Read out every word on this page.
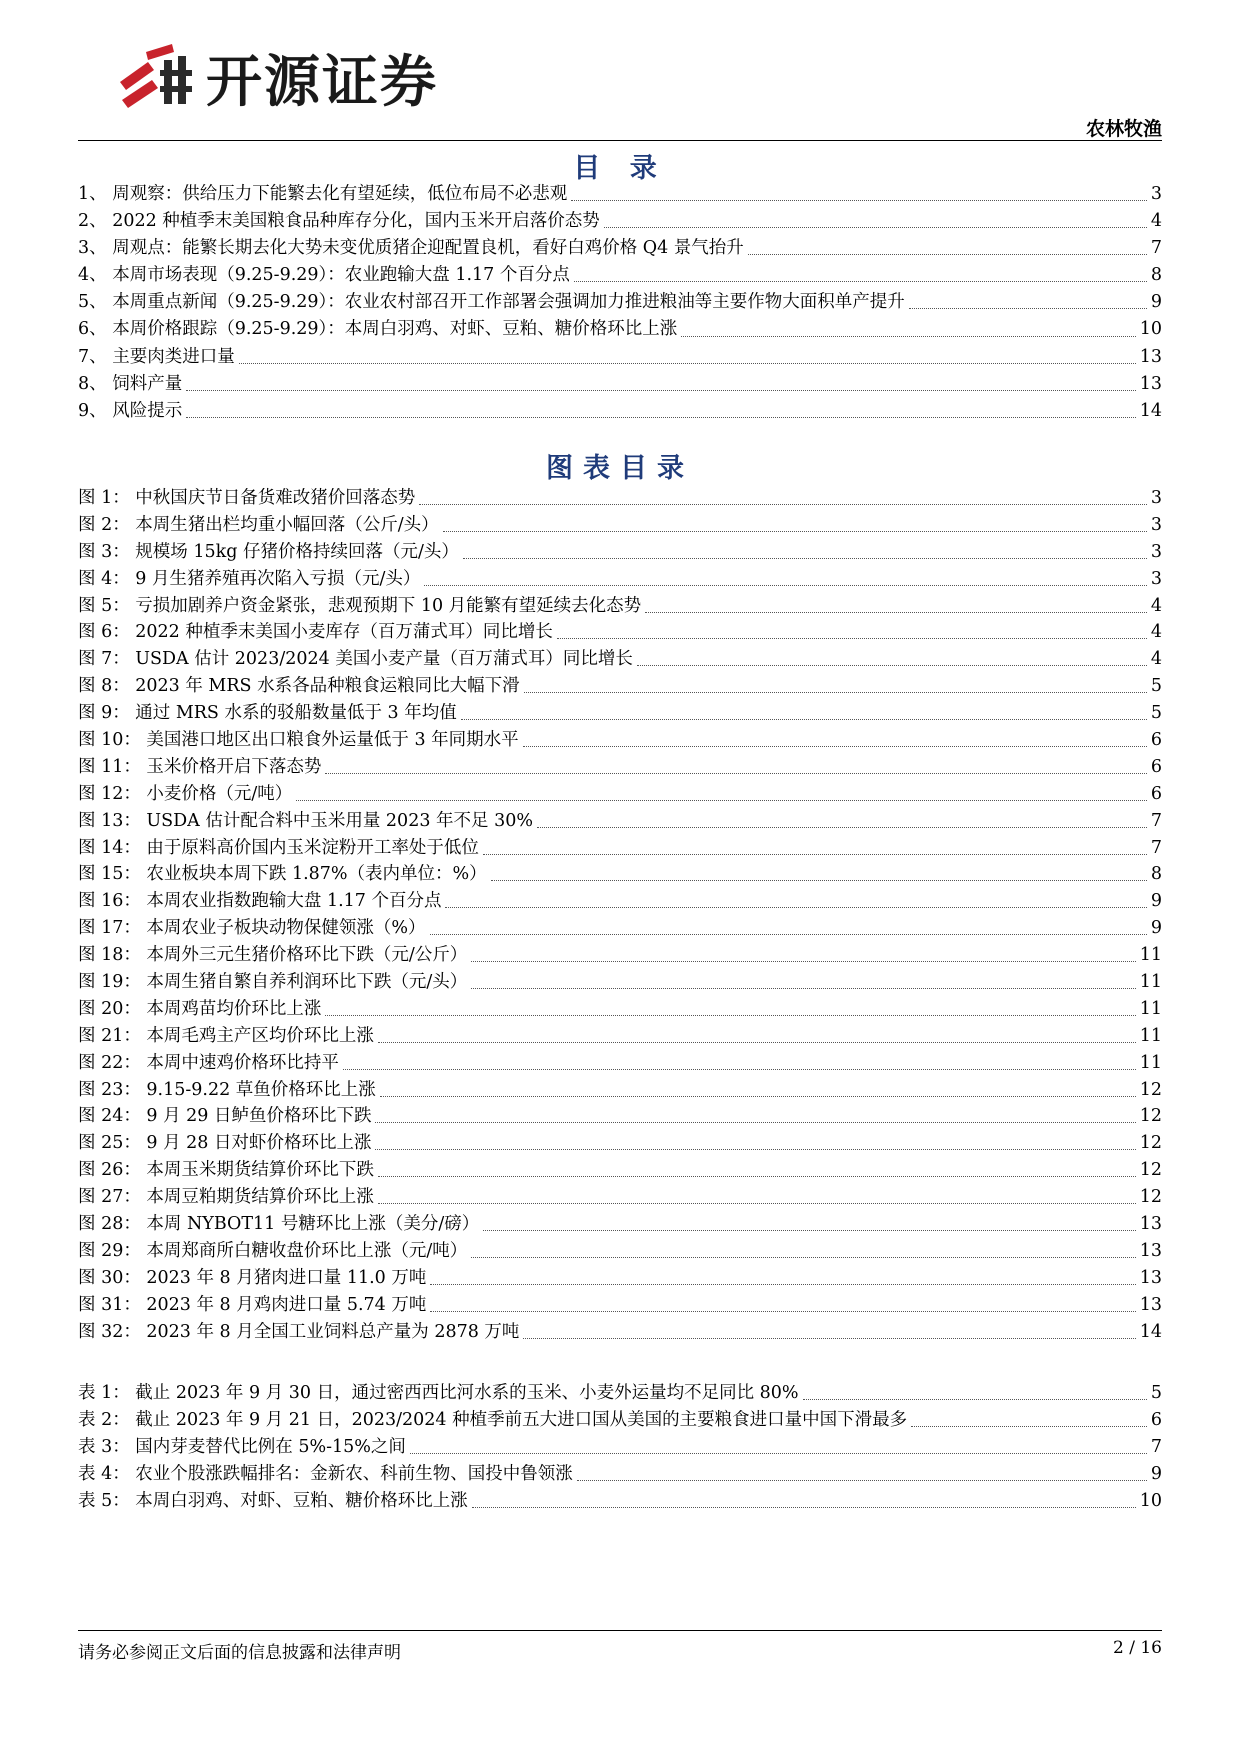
开源证券
农林牧渔
目 录
1、 周观察：供给压力下能繁去化有望延续，低位布局不必悲观	3
2、 2022 种植季末美国粮食品种库存分化，国内玉米开启落价态势	4
3、 周观点：能繁长期去化大势未变优质猪企迎配置良机，看好白鸡价格 Q4 景气抬升	7
4、 本周市场表现（9.25-9.29）：农业跑输大盘 1.17 个百分点	8
5、 本周重点新闻（9.25-9.29）：农业农村部召开工作部署会强调加力推进粮油等主要作物大面积单产提升	9
6、 本周价格跟踪（9.25-9.29）：本周白羽鸡、对虾、豆粕、糖价格环比上涨	10
7、 主要肉类进口量	13
8、 饲料产量	13
9、 风险提示	14
图表目录
图 1： 中秋国庆节日备货难改猪价回落态势	3
图 2： 本周生猪出栏均重小幅回落（公斤/头）	3
图 3： 规模场 15kg 仔猪价格持续回落（元/头）	3
图 4： 9 月生猪养殖再次陷入亏损（元/头）	3
图 5： 亏损加剧养户资金紧张，悲观预期下 10 月能繁有望延续去化态势	4
图 6： 2022 种植季末美国小麦库存（百万蒲式耳）同比增长	4
图 7： USDA 估计 2023/2024 美国小麦产量（百万蒲式耳）同比增长	4
图 8： 2023 年 MRS 水系各品种粮食运粮同比大幅下滑	5
图 9： 通过 MRS 水系的驳船数量低于 3 年均值	5
图 10： 美国港口地区出口粮食外运量低于 3 年同期水平	6
图 11： 玉米价格开启下落态势	6
图 12： 小麦价格（元/吨）	6
图 13： USDA 估计配合料中玉米用量 2023 年不足 30%	7
图 14： 由于原料高价国内玉米淀粉开工率处于低位	7
图 15： 农业板块本周下跌 1.87%（表内单位：%）	8
图 16： 本周农业指数跑输大盘 1.17 个百分点	9
图 17： 本周农业子板块动物保健领涨（%）	9
图 18： 本周外三元生猪价格环比下跌（元/公斤）	11
图 19： 本周生猪自繁自养利润环比下跌（元/头）	11
图 20： 本周鸡苗均价环比上涨	11
图 21： 本周毛鸡主产区均价环比上涨	11
图 22： 本周中速鸡价格环比持平	11
图 23： 9.15-9.22 草鱼价格环比上涨	12
图 24： 9 月 29 日鲈鱼价格环比下跌	12
图 25： 9 月 28 日对虾价格环比上涨	12
图 26： 本周玉米期货结算价环比下跌	12
图 27： 本周豆粕期货结算价环比上涨	12
图 28： 本周 NYBOT11 号糖环比上涨（美分/磅）	13
图 29： 本周郑商所白糖收盘价环比上涨（元/吨）	13
图 30： 2023 年 8 月猪肉进口量 11.0 万吨	13
图 31： 2023 年 8 月鸡肉进口量 5.74 万吨	13
图 32： 2023 年 8 月全国工业饲料总产量为 2878 万吨	14
表 1： 截止 2023 年 9 月 30 日，通过密西西比河水系的玉米、小麦外运量均不足同比 80%	5
表 2： 截止 2023 年 9 月 21 日，2023/2024 种植季前五大进口国从美国的主要粮食进口量中国下滑最多	6
表 3： 国内芽麦替代比例在 5%-15%之间	7
表 4： 农业个股涨跌幅排名：金新农、科前生物、国投中鲁领涨	9
表 5： 本周白羽鸡、对虾、豆粕、糖价格环比上涨	10
请务必参阅正文后面的信息披露和法律声明	2 / 16
